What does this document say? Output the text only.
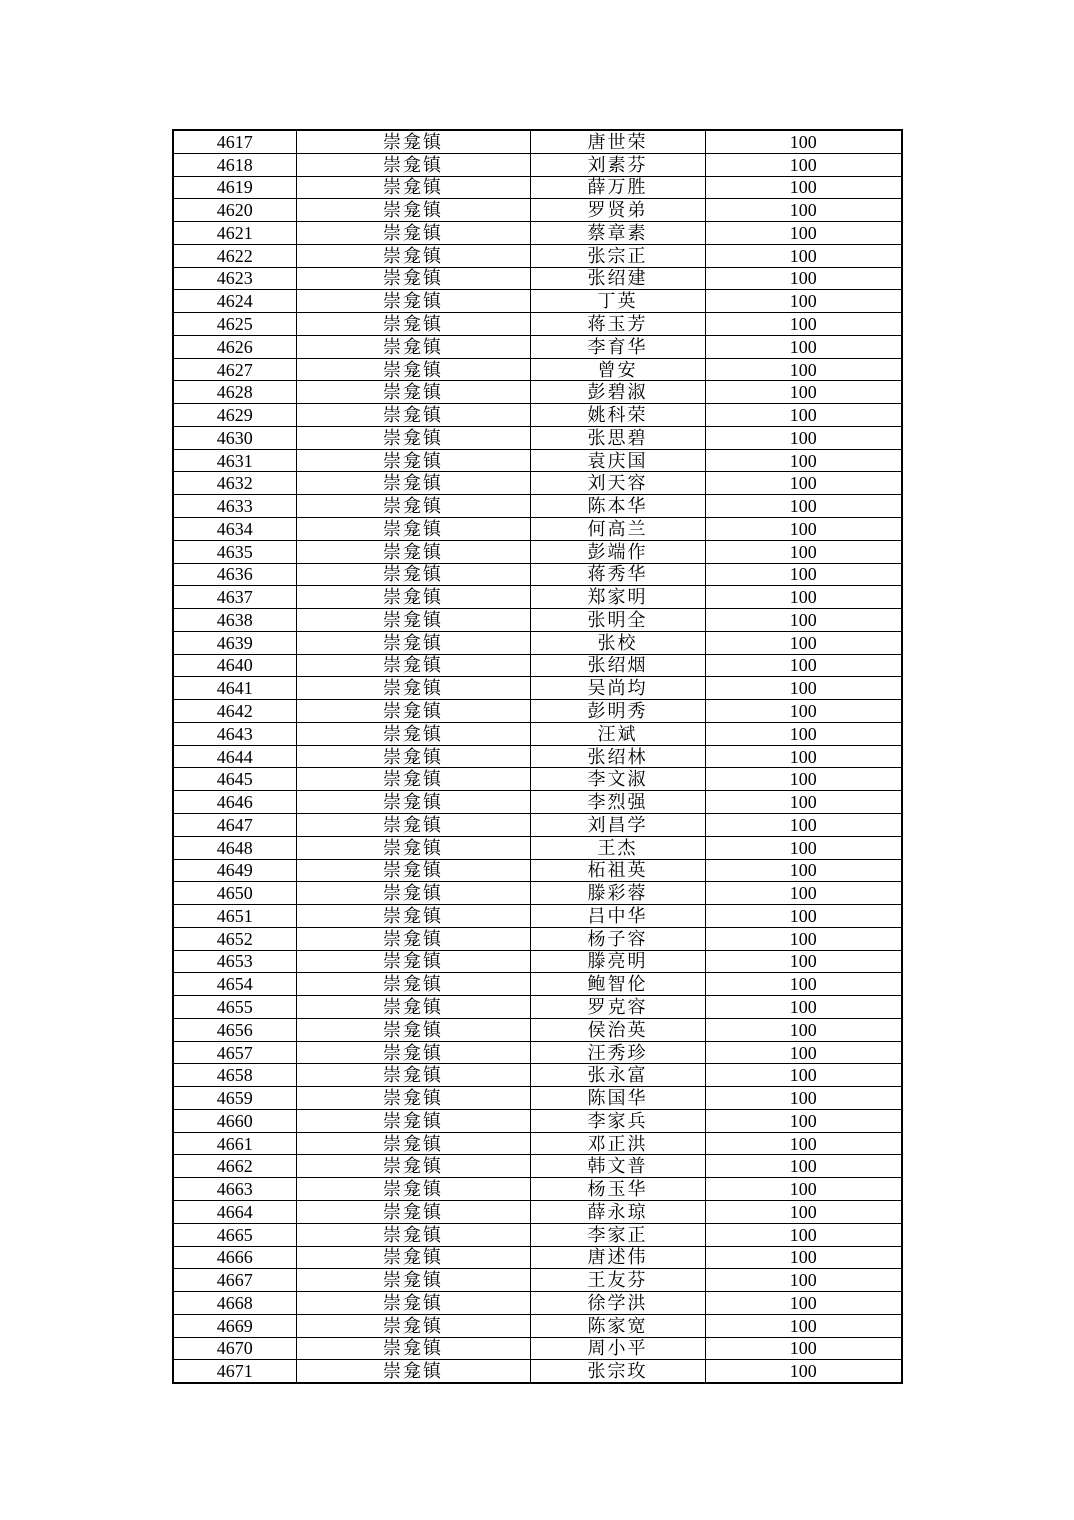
4617	崇龛镇	唐世荣	100
4618	崇龛镇	刘素芬	100
4619	崇龛镇	薛万胜	100
4620	崇龛镇	罗贤弟	100
4621	崇龛镇	蔡章素	100
4622	崇龛镇	张宗正	100
4623	崇龛镇	张绍建	100
4624	崇龛镇	丁英	100
4625	崇龛镇	蒋玉芳	100
4626	崇龛镇	李育华	100
4627	崇龛镇	曾安	100
4628	崇龛镇	彭碧淑	100
4629	崇龛镇	姚科荣	100
4630	崇龛镇	张思碧	100
4631	崇龛镇	袁庆国	100
4632	崇龛镇	刘天容	100
4633	崇龛镇	陈本华	100
4634	崇龛镇	何高兰	100
4635	崇龛镇	彭端作	100
4636	崇龛镇	蒋秀华	100
4637	崇龛镇	郑家明	100
4638	崇龛镇	张明全	100
4639	崇龛镇	张校	100
4640	崇龛镇	张绍烟	100
4641	崇龛镇	吴尚均	100
4642	崇龛镇	彭明秀	100
4643	崇龛镇	汪斌	100
4644	崇龛镇	张绍林	100
4645	崇龛镇	李文淑	100
4646	崇龛镇	李烈强	100
4647	崇龛镇	刘昌学	100
4648	崇龛镇	王杰	100
4649	崇龛镇	柘祖英	100
4650	崇龛镇	滕彩蓉	100
4651	崇龛镇	吕中华	100
4652	崇龛镇	杨子容	100
4653	崇龛镇	滕亮明	100
4654	崇龛镇	鲍智伦	100
4655	崇龛镇	罗克容	100
4656	崇龛镇	侯治英	100
4657	崇龛镇	汪秀珍	100
4658	崇龛镇	张永富	100
4659	崇龛镇	陈国华	100
4660	崇龛镇	李家兵	100
4661	崇龛镇	邓正洪	100
4662	崇龛镇	韩文普	100
4663	崇龛镇	杨玉华	100
4664	崇龛镇	薛永琼	100
4665	崇龛镇	李家正	100
4666	崇龛镇	唐述伟	100
4667	崇龛镇	王友芬	100
4668	崇龛镇	徐学洪	100
4669	崇龛镇	陈家宽	100
4670	崇龛镇	周小平	100
4671	崇龛镇	张宗玫	100
